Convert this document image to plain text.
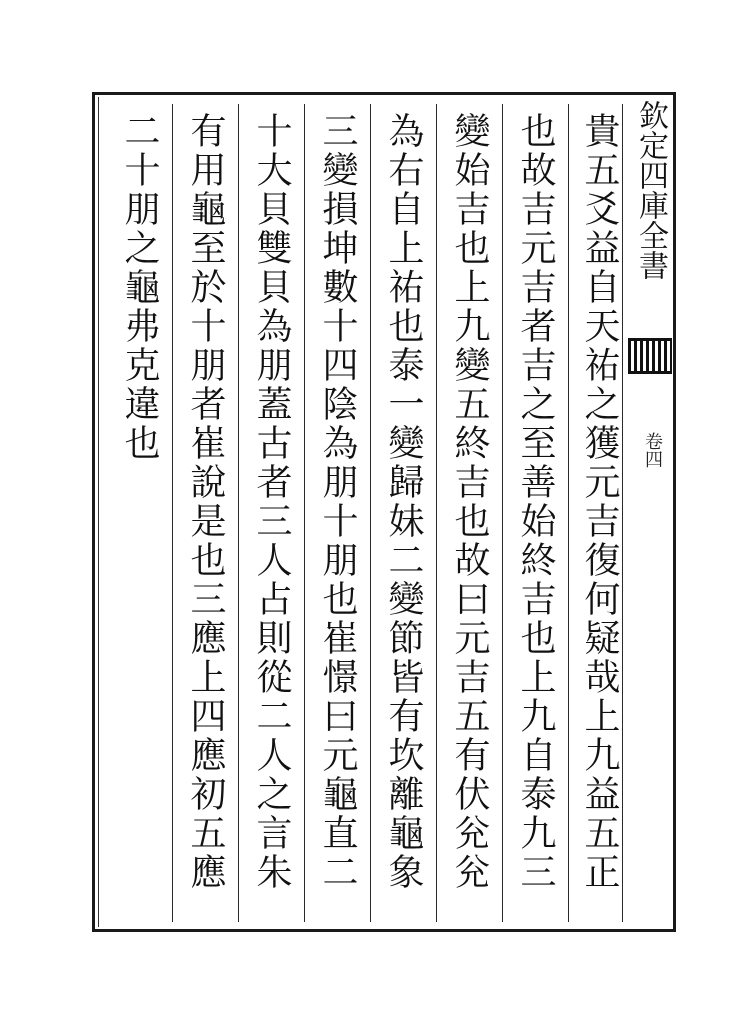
欽定四庫全書
卷四
貴五爻益自天祐之獲元吉復何疑哉上九益五正
也故吉元吉者吉之至善始終吉也上九自泰九三
變始吉也上九變五終吉也故曰元吉五有伏兊兊
為右自上祐也泰一變歸妹二變節皆有坎離龜象
三變損坤數十四陰為朋十朋也崔憬曰元龜直二
十大貝雙貝為朋蓋古者三人占則從二人之言朱
有用龜至於十朋者崔說是也三應上四應初五應
二十朋之龜弗克違也
